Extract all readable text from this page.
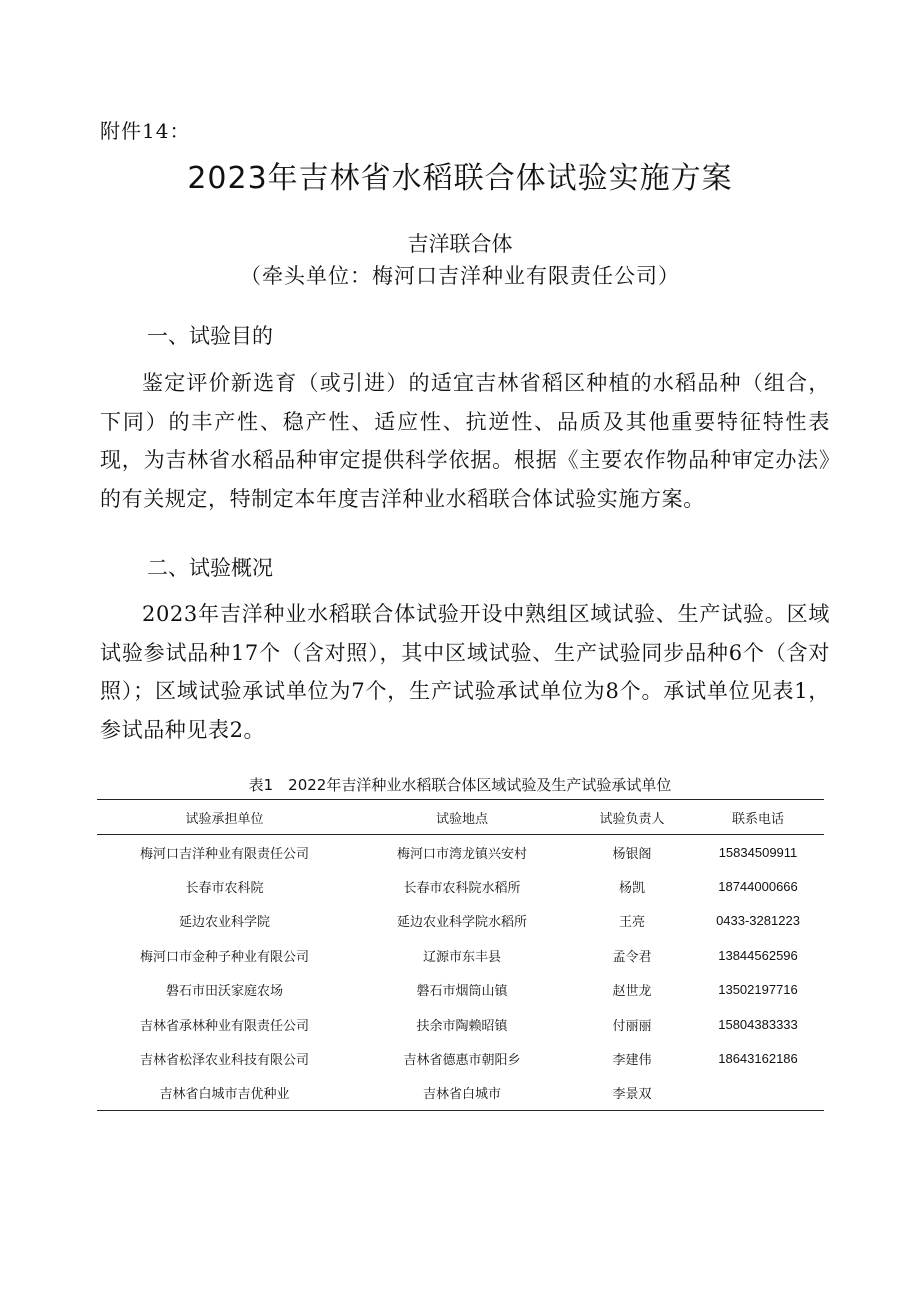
附件14：
2023年吉林省水稻联合体试验实施方案
吉洋联合体
（牵头单位：梅河口吉洋种业有限责任公司）
一、试验目的
鉴定评价新选育（或引进）的适宜吉林省稻区种植的水稻品种（组合，下同）的丰产性、稳产性、适应性、抗逆性、品质及其他重要特征特性表现，为吉林省水稻品种审定提供科学依据。根据《主要农作物品种审定办法》的有关规定，特制定本年度吉洋种业水稻联合体试验实施方案。
二、试验概况
2023年吉洋种业水稻联合体试验开设中熟组区域试验、生产试验。区域试验参试品种17个（含对照），其中区域试验、生产试验同步品种6个（含对照）；区域试验承试单位为7个，生产试验承试单位为8个。承试单位见表1，参试品种见表2。
表1　2022年吉洋种业水稻联合体区域试验及生产试验承试单位
试验承担单位	试验地点	试验负责人	联系电话
梅河口吉洋种业有限责任公司	梅河口市湾龙镇兴安村	杨银阁	15834509911
长春市农科院	长春市农科院水稻所	杨凯	18744000666
延边农业科学院	延边农业科学院水稻所	王亮	0433-3281223
梅河口市金种子种业有限公司	辽源市东丰县	孟令君	13844562596
磐石市田沃家庭农场	磐石市烟筒山镇	赵世龙	13502197716
吉林省承林种业有限责任公司	扶余市陶赖昭镇	付丽丽	15804383333
吉林省松泽农业科技有限公司	吉林省德惠市朝阳乡	李建伟	18643162186
吉林省白城市吉优种业	吉林省白城市	李景双	
